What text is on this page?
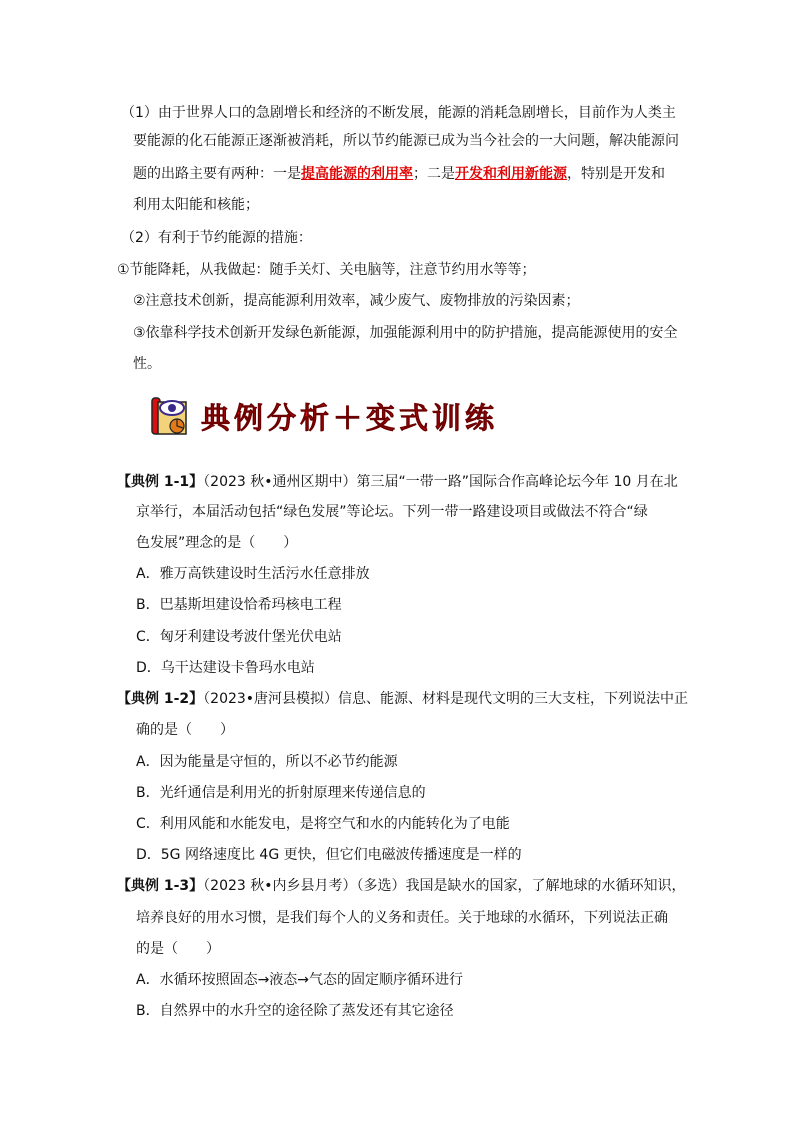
（1）由于世界人口的急剧增长和经济的不断发展，能源的消耗急剧增长，目前作为人类主
要能源的化石能源正逐渐被消耗，所以节约能源已成为当今社会的一大问题，解决能源问
题的出路主要有两种：一是提高能源的利用率；二是开发和利用新能源，特别是开发和
利用太阳能和核能；
（2）有利于节约能源的措施：
①节能降耗，从我做起：随手关灯、关电脑等，注意节约用水等等；
②注意技术创新，提高能源利用效率，减少废气、废物排放的污染因素；
③依靠科学技术创新开发绿色新能源，加强能源利用中的防护措施，提高能源使用的安全
性。
典例分析＋变式训练
【典例 1-1】（2023 秋•通州区期中）第三届“一带一路”国际合作高峰论坛今年 10 月在北
京举行，本届活动包括“绿色发展”等论坛。下列一带一路建设项目或做法不符合“绿
色发展”理念的是（　　）
A．雅万高铁建设时生活污水任意排放
B．巴基斯坦建设恰希玛核电工程
C．匈牙利建设考波什堡光伏电站
D．乌干达建设卡鲁玛水电站
【典例 1-2】（2023•唐河县模拟）信息、能源、材料是现代文明的三大支柱，下列说法中正
确的是（　　）
A．因为能量是守恒的，所以不必节约能源
B．光纤通信是利用光的折射原理来传递信息的
C．利用风能和水能发电，是将空气和水的内能转化为了电能
D．5G 网络速度比 4G 更快，但它们电磁波传播速度是一样的
【典例 1-3】（2023 秋•内乡县月考）（多选）我国是缺水的国家，了解地球的水循环知识，
培养良好的用水习惯，是我们每个人的义务和责任。关于地球的水循环，下列说法正确
的是（　　）
A．水循环按照固态→液态→气态的固定顺序循环进行
B．自然界中的水升空的途径除了蒸发还有其它途径
